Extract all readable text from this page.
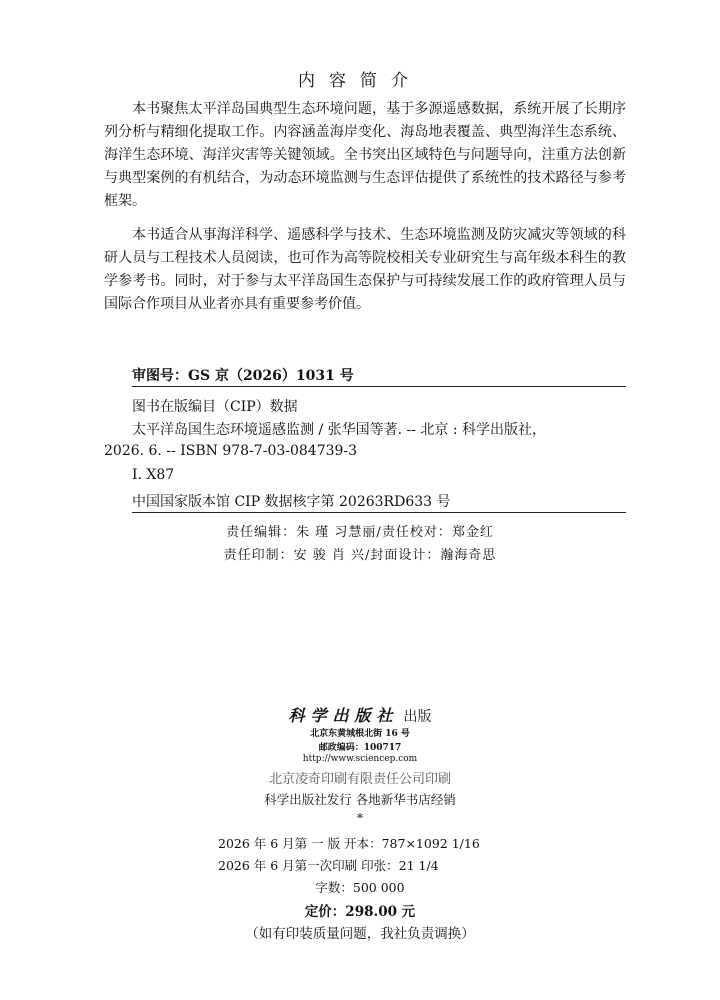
内容简介

本书聚焦太平洋岛国典型生态环境问题，基于多源遥感数据，系统开展了长期序列分析与精细化提取工作。内容涵盖海岸变化、海岛地表覆盖、典型海洋生态系统、海洋生态环境、海洋灾害等关键领域。全书突出区域特色与问题导向，注重方法创新与典型案例的有机结合，为动态环境监测与生态评估提供了系统性的技术路径与参考框架。

本书适合从事海洋科学、遥感科学与技术、生态环境监测及防灾减灾等领域的科研人员与工程技术人员阅读，也可作为高等院校相关专业研究生与高年级本科生的教学参考书。同时，对于参与太平洋岛国生态保护与可持续发展工作的政府管理人员与国际合作项目从业者亦具有重要参考价值。

审图号：GS 京（2026）1031 号
图书在版编目（CIP）数据
太平洋岛国生态环境遥感监测 / 张华国等著. -- 北京 : 科学出版社，
2026. 6. -- ISBN 978-7-03-084739-3
Ⅰ. X87
中国国家版本馆 CIP 数据核字第 20263RD633 号
责任编辑：朱 瑾 习慧丽/责任校对：郑金红
责任印制：安 骏 肖 兴/封面设计：瀚海奇思
科学出版社 出版
北京东黄城根北街 16 号
邮政编码：100717
http://www.sciencep.com
北京凌奇印刷有限责任公司印刷
科学出版社发行 各地新华书店经销
*
2026 年 6 月第 一 版 开本：787×1092 1/16
2026 年 6 月第一次印刷 印张：21 1/4
字数：500 000
定价：298.00 元
（如有印装质量问题，我社负责调换）
